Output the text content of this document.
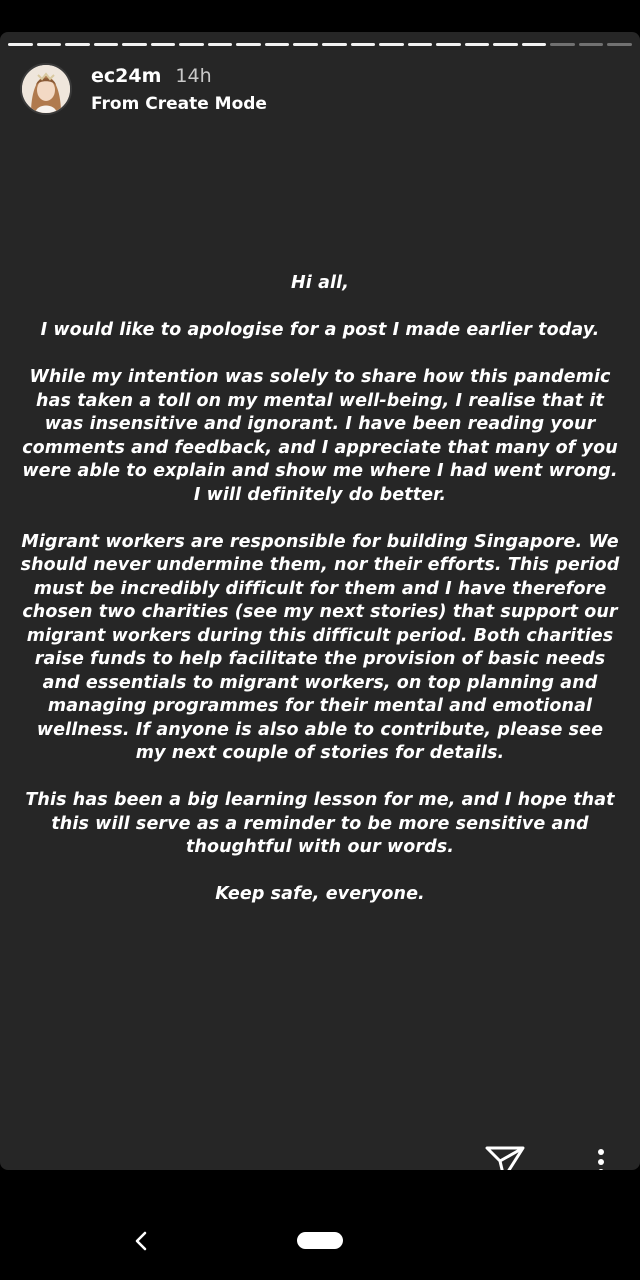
ec24m 14h
From Create Mode

Hi all,

I would like to apologise for a post I made earlier today.

While my intention was solely to share how this pandemic has taken a toll on my mental well-being, I realise that it was insensitive and ignorant. I have been reading your comments and feedback, and I appreciate that many of you were able to explain and show me where I had went wrong. I will definitely do better.

Migrant workers are responsible for building Singapore. We should never undermine them, nor their efforts. This period must be incredibly difficult for them and I have therefore chosen two charities (see my next stories) that support our migrant workers during this difficult period. Both charities raise funds to help facilitate the provision of basic needs and essentials to migrant workers, on top planning and managing programmes for their mental and emotional wellness. If anyone is also able to contribute, please see my next couple of stories for details.

This has been a big learning lesson for me, and I hope that this will serve as a reminder to be more sensitive and thoughtful with our words.

Keep safe, everyone.
